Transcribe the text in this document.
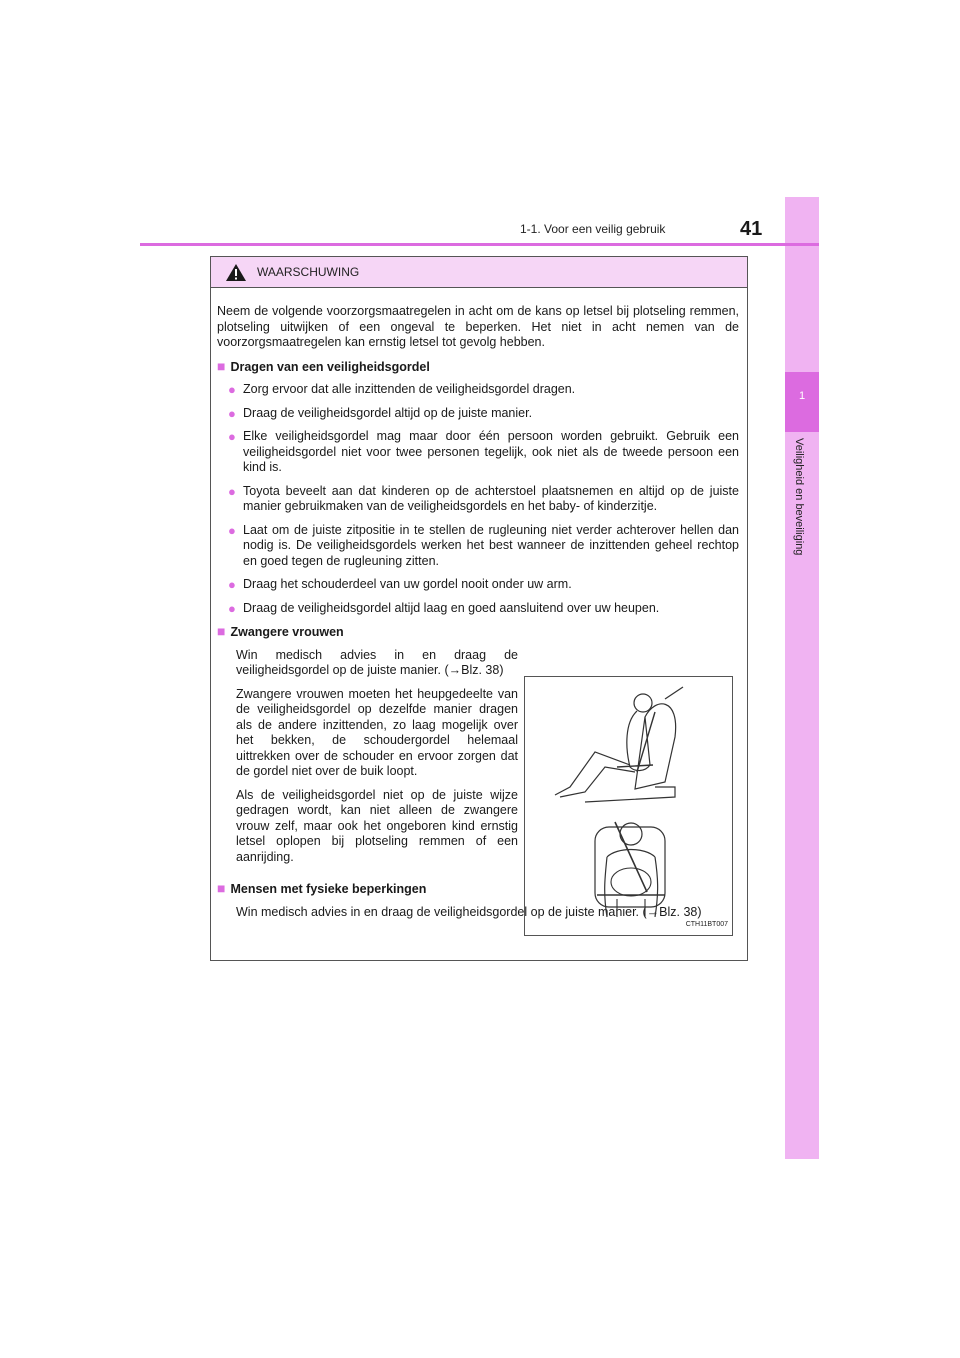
1
Veiligheid en beveiliging
1-1. Voor een veilig gebruik	41
WAARSCHUWING

Neem de volgende voorzorgsmaatregelen in acht om de kans op letsel bij plotseling remmen, plotseling uitwijken of een ongeval te beperken. Het niet in acht nemen van de voorzorgsmaatregelen kan ernstig letsel tot gevolg hebben.

■ Dragen van een veiligheidsgordel
● Zorg ervoor dat alle inzittenden de veiligheidsgordel dragen.
● Draag de veiligheidsgordel altijd op de juiste manier.
● Elke veiligheidsgordel mag maar door één persoon worden gebruikt. Gebruik een veiligheidsgordel niet voor twee personen tegelijk, ook niet als de tweede persoon een kind is.
● Toyota beveelt aan dat kinderen op de achterstoel plaatsnemen en altijd op de juiste manier gebruikmaken van de veiligheidsgordels en het baby- of kinderzitje.
● Laat om de juiste zitpositie in te stellen de rugleuning niet verder achterover hellen dan nodig is. De veiligheidsgordels werken het best wanneer de inzittenden geheel rechtop en goed tegen de rugleuning zitten.
● Draag het schouderdeel van uw gordel nooit onder uw arm.
● Draag de veiligheidsgordel altijd laag en goed aansluitend over uw heupen.
■ Zwangere vrouwen

Win medisch advies in en draag de veiligheidsgordel op de juiste manier. (→Blz. 38)

Zwangere vrouwen moeten het heupgedeelte van de veiligheidsgordel op dezelfde manier dragen als de andere inzittenden, zo laag mogelijk over het bekken, de schoudergordel helemaal uittrekken over de schouder en ervoor zorgen dat de gordel niet over de buik loopt.

Als de veiligheidsgordel niet op de juiste wijze gedragen wordt, kan niet alleen de zwangere vrouw zelf, maar ook het ongeboren kind ernstig letsel oplopen bij plotseling remmen of een aanrijding.

CTH11BT007
■ Mensen met fysieke beperkingen

Win medisch advies in en draag de veiligheidsgordel op de juiste manier. (→Blz. 38)
